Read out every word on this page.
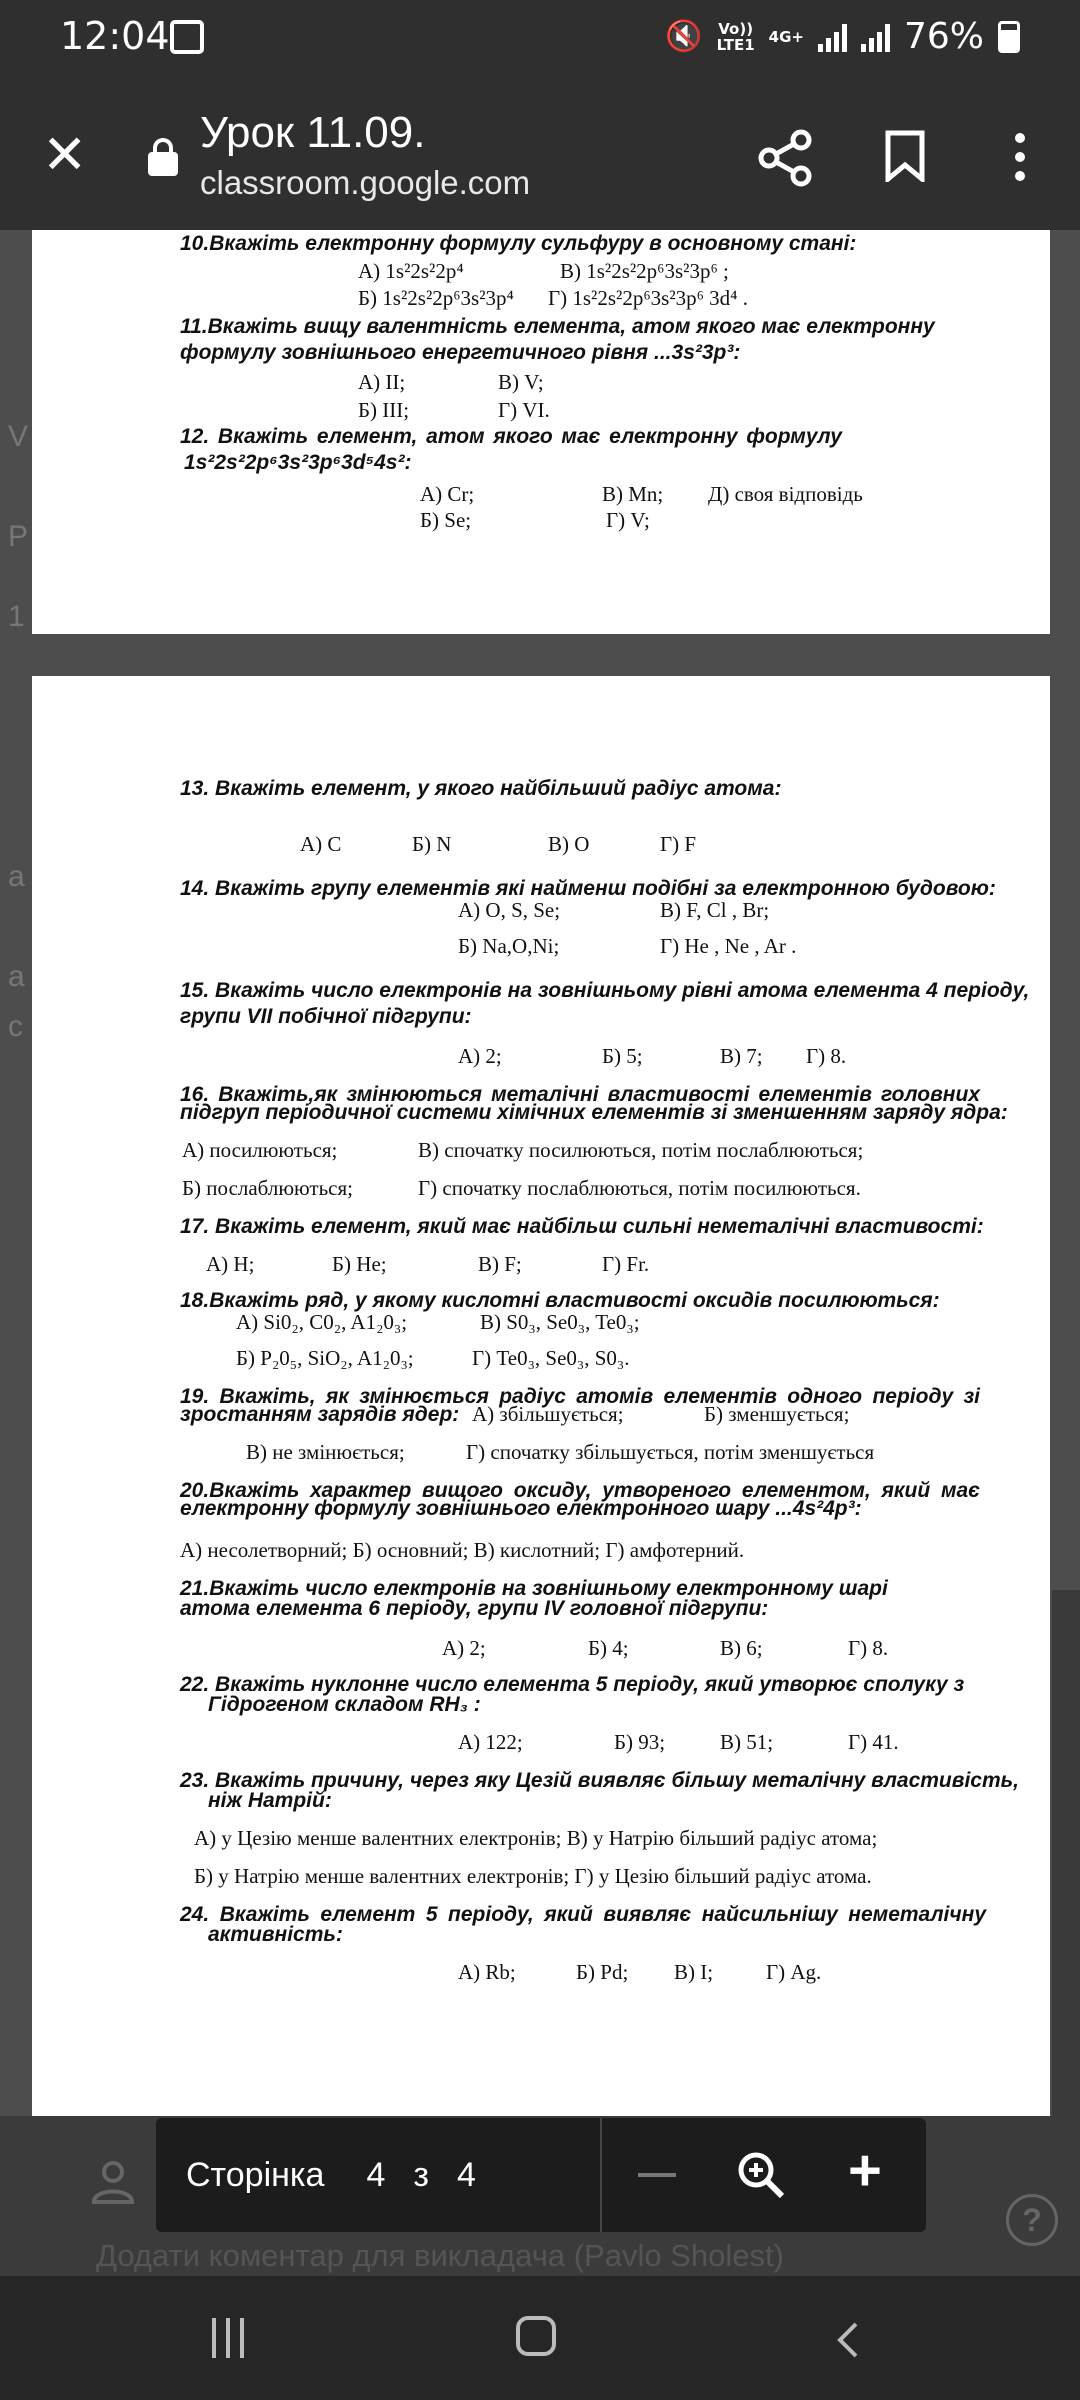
12:04	🔇 Vo))
LTE1 4G+	76%
✕	Урок 11.09.
classroom.google.com
V
P
1
a
a
c
10.Вкажіть електронну формулу сульфуру в основному стані:
А) 1s²2s²2p⁴	В) 1s²2s²2p⁶3s²3p⁶ ;
Б) 1s²2s²2p⁶3s²3p⁴ Г) 1s²2s²2p⁶3s²3p⁶ 3d⁴ .
11.Вкажіть вищу валентність елемента, атом якого має електронну
формулу зовнішнього енергетичного рівня ...3s²3p³:
А) II;	В) V;
Б) III;	Г) VI.
12. Вкажіть елемент, атом якого має електронну формулу
1s²2s²2p⁶3s²3p⁶3d⁵4s²:
А) Cr;	В) Mn; Д) своя відповідь
Б) Se;	Г) V;
13. Вкажіть елемент, у якого найбільший радіус атома:
А) С	Б) N	В) О	Г) F
14. Вкажіть групу елементів які найменш подібні за електронною будовою:
А) O, S, Se;	В) F, Cl , Br;
Б) Na,O,Ni;	Г) He , Ne , Ar .
15. Вкажіть число електронів на зовнішньому рівні атома елемента 4 періоду,
групи VII побічної підгрупи:
А) 2;	Б) 5;	В) 7; Г) 8.
16. Вкажіть,як змінюються металічні властивості елементів головних
підгруп періодичної системи хімічних елементів зі зменшенням заряду ядра:
А) посилюються;	В) спочатку посилюються, потім послаблюються;
Б) послаблюються;	Г) спочатку послаблюються, потім посилюються.
17. Вкажіть елемент, який має найбільш сильні неметалічні властивості:
А) H;	Б) He;	В) F;	Г) Fr.
18.Вкажіть ряд, у якому кислотні властивості оксидів посилюються:
А) Si0₂, C0₂, A1₂0₃;	В) S0₃, Se0₃, Te0₃;
Б) P₂0₅, SiO₂, A1₂0₃;	Г) Te0₃, Se0₃, S0₃.
19. Вкажіть, як змінюється радіус атомів елементів одного періоду зі
зростанням зарядів ядер: А) збільшується;	Б) зменшується;
В) не змінюється;	Г) спочатку збільшується, потім зменшується
20.Вкажіть характер вищого оксиду, утвореного елементом, який має
електронну формулу зовнішнього електронного шару ...4s²4p³:
А) несолетворний; Б) основний; В) кислотний; Г) амфотерний.
21.Вкажіть число електронів на зовнішньому електронному шарі
атома елемента 6 періоду, групи IV головної підгрупи:
А) 2;	Б) 4;	В) 6;	Г) 8.
22. Вкажіть нуклонне число елемента 5 періоду, який утворює сполуку з
Гідрогеном складом RH₃ :
А) 122;	Б) 93;	В) 51;	Г) 41.
23. Вкажіть причину, через яку Цезій виявляє більшу металічну властивість,
ніж Натрій:
А) у Цезію менше валентних електронів; В) у Натрію більший радіус атома;
Б) у Натрію менше валентних електронів; Г) у Цезію більший радіус атома.
24. Вкажіть елемент 5 періоду, який виявляє найсильнішу неметалічну
активність:
А) Rb;	Б) Pd; В) I;	Г) Ag.
Додати коментар для викладача (Pavlo Sholest)
Сторінка 4 з 4	+
?
